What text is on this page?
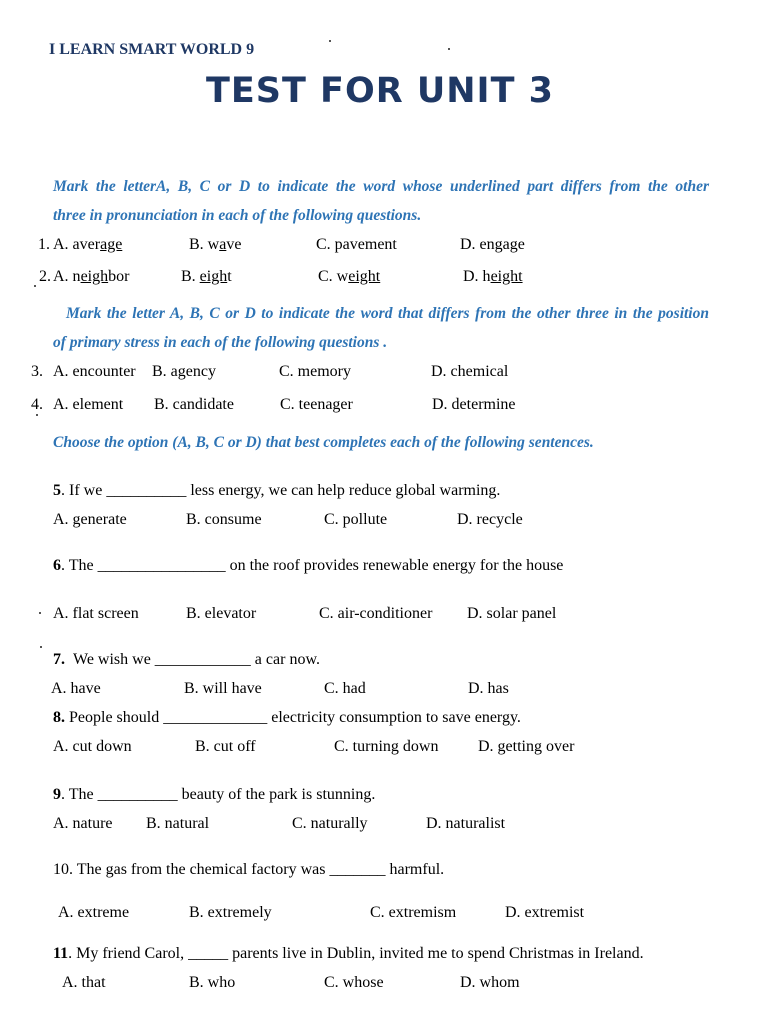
I LEARN SMART WORLD 9
TEST FOR UNIT 3
Mark the letterA, B, C or D to indicate the word whose underlined part differs from the other
three in pronunciation in each of the following questions.
1. A. average	B. wave	C. pavement	D. engage
2. A. neighbor	B. eight	C. weight	D. height
Mark the letter A, B, C or D to indicate the word that differs from the other three in the position
of primary stress in each of the following questions .
3. A. encounter B. agency	C. memory	D. chemical
4. A. element B. candidate	C. teenager	D. determine
Choose the option (A, B, C or D) that best completes each of the following sentences.
5. If we __________ less energy, we can help reduce global warming.
A. generate	B. consume	C. pollute	D. recycle
6. The ________________ on the roof provides renewable energy for the house
A. flat screen	B. elevator	C. air-conditioner D. solar panel
7. We wish we ____________ a car now.
A. have	B. will have	C. had	D. has
8. People should _____________ electricity consumption to save energy.
A. cut down	B. cut off	C. turning down D. getting over
9. The __________ beauty of the park is stunning.
A. nature B. natural	C. naturally	D. naturalist
10. The gas from the chemical factory was _______ harmful.
A. extreme	B. extremely	C. extremism	D. extremist
11. My friend Carol, _____ parents live in Dublin, invited me to spend Christmas in Ireland.
A. that	B. who	C. whose	D. whom
